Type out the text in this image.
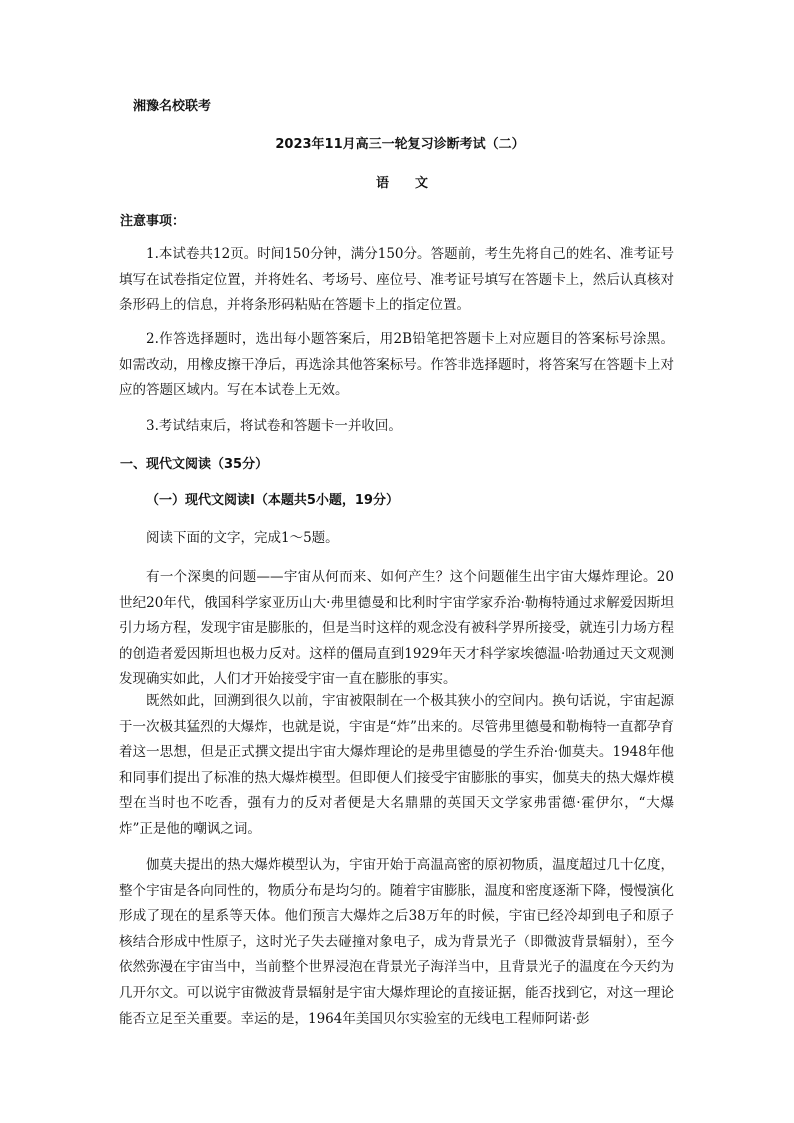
湘豫名校联考
2023年11月高三一轮复习诊断考试（二）
语文
注意事项：

1.本试卷共12页。时间150分钟，满分150分。答题前，考生先将自己的姓名、准考证号填写在试卷指定位置，并将姓名、考场号、座位号、准考证号填写在答题卡上，然后认真核对条形码上的信息，并将条形码粘贴在答题卡上的指定位置。

2.作答选择题时，选出每小题答案后，用2B铅笔把答题卡上对应题目的答案标号涂黑。如需改动，用橡皮擦干净后，再选涂其他答案标号。作答非选择题时，将答案写在答题卡上对应的答题区域内。写在本试卷上无效。

3.考试结束后，将试卷和答题卡一并收回。

一、现代文阅读（35分）
（一）现代文阅读Ⅰ（本题共5小题，19分）
阅读下面的文字，完成1～5题。

有一个深奥的问题——宇宙从何而来、如何产生？这个问题催生出宇宙大爆炸理论。20世纪20年代，俄国科学家亚历山大·弗里德曼和比利时宇宙学家乔治·勒梅特通过求解爱因斯坦引力场方程，发现宇宙是膨胀的，但是当时这样的观念没有被科学界所接受，就连引力场方程的创造者爱因斯坦也极力反对。这样的僵局直到1929年天才科学家埃德温·哈勃通过天文观测发现确实如此，人们才开始接受宇宙一直在膨胀的事实。

既然如此，回溯到很久以前，宇宙被限制在一个极其狭小的空间内。换句话说，宇宙起源于一次极其猛烈的大爆炸，也就是说，宇宙是“炸”出来的。尽管弗里德曼和勒梅特一直都孕育着这一思想，但是正式撰文提出宇宙大爆炸理论的是弗里德曼的学生乔治·伽莫夫。1948年他和同事们提出了标准的热大爆炸模型。但即便人们接受宇宙膨胀的事实，伽莫夫的热大爆炸模型在当时也不吃香，强有力的反对者便是大名鼎鼎的英国天文学家弗雷德·霍伊尔，“大爆炸”正是他的嘲讽之词。

伽莫夫提出的热大爆炸模型认为，宇宙开始于高温高密的原初物质，温度超过几十亿度，整个宇宙是各向同性的，物质分布是均匀的。随着宇宙膨胀，温度和密度逐渐下降，慢慢演化形成了现在的星系等天体。他们预言大爆炸之后38万年的时候，宇宙已经冷却到电子和原子核结合形成中性原子，这时光子失去碰撞对象电子，成为背景光子（即微波背景辐射），至今依然弥漫在宇宙当中，当前整个世界浸泡在背景光子海洋当中，且背景光子的温度在今天约为几开尔文。可以说宇宙微波背景辐射是宇宙大爆炸理论的直接证据，能否找到它，对这一理论能否立足至关重要。幸运的是，1964年美国贝尔实验室的无线电工程师阿诺·彭
